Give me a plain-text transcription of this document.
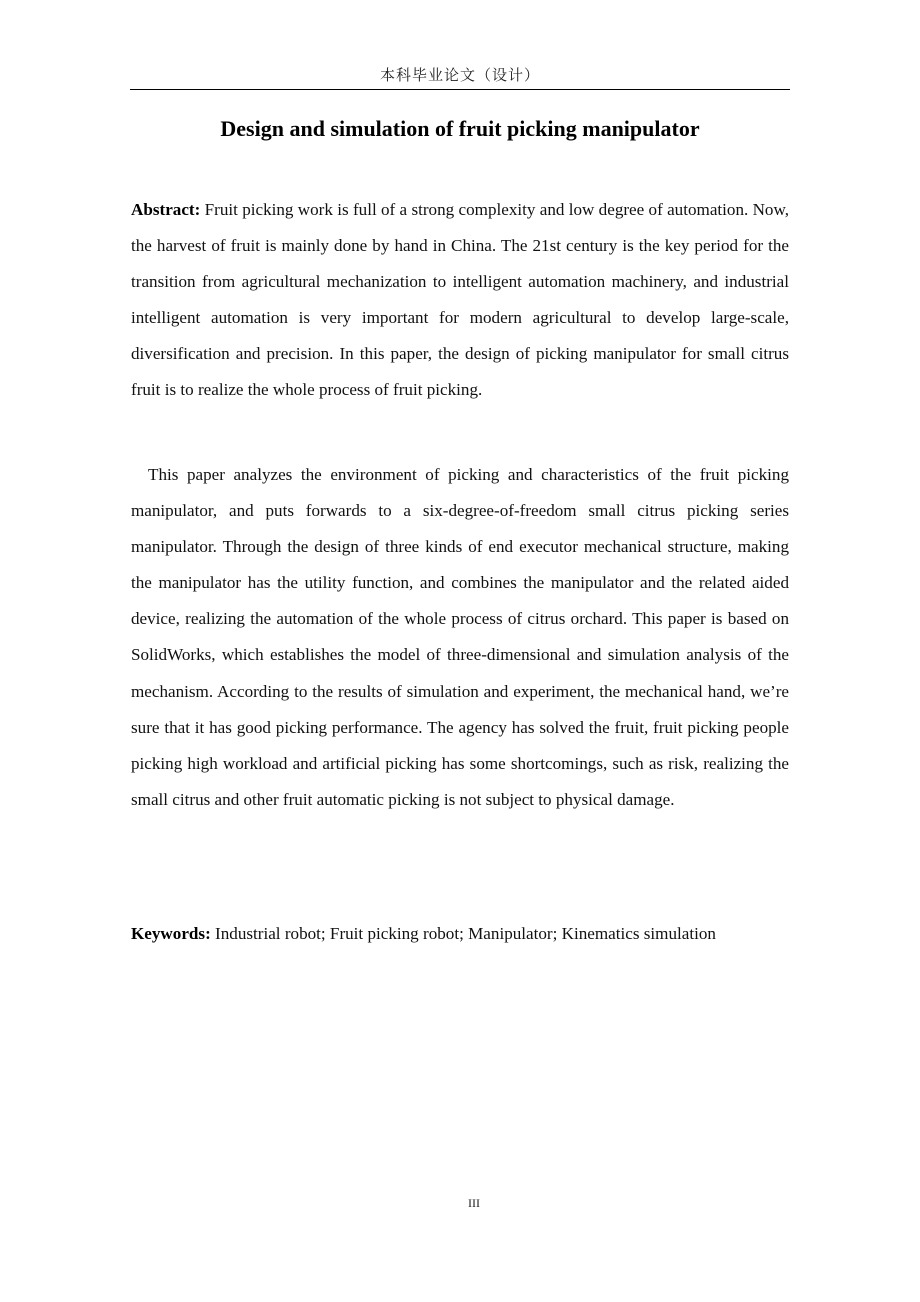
本科毕业论文（设计）
Design and simulation of fruit picking manipulator

Abstract: Fruit picking work is full of a strong complexity and low degree of automation. Now, the harvest of fruit is mainly done by hand in China. The 21st century is the key period for the transition from agricultural mechanization to intelligent automation machinery, and industrial intelligent automation is very important for modern agricultural to develop large-scale, diversification and precision. In this paper, the design of picking manipulator for small citrus fruit is to realize the whole process of fruit picking.

This paper analyzes the environment of picking and characteristics of the fruit picking manipulator, and puts forwards to a six-degree-of-freedom small citrus picking series manipulator. Through the design of three kinds of end executor mechanical structure, making the manipulator has the utility function, and combines the manipulator and the related aided device, realizing the automation of the whole process of citrus orchard. This paper is based on SolidWorks, which establishes the model of three-dimensional and simulation analysis of the mechanism. According to the results of simulation and experiment, the mechanical hand, we’re sure that it has good picking performance. The agency has solved the fruit, fruit picking people picking high workload and artificial picking has some shortcomings, such as risk, realizing the small citrus and other fruit automatic picking is not subject to physical damage.

Keywords: Industrial robot; Fruit picking robot; Manipulator; Kinematics simulation
III
